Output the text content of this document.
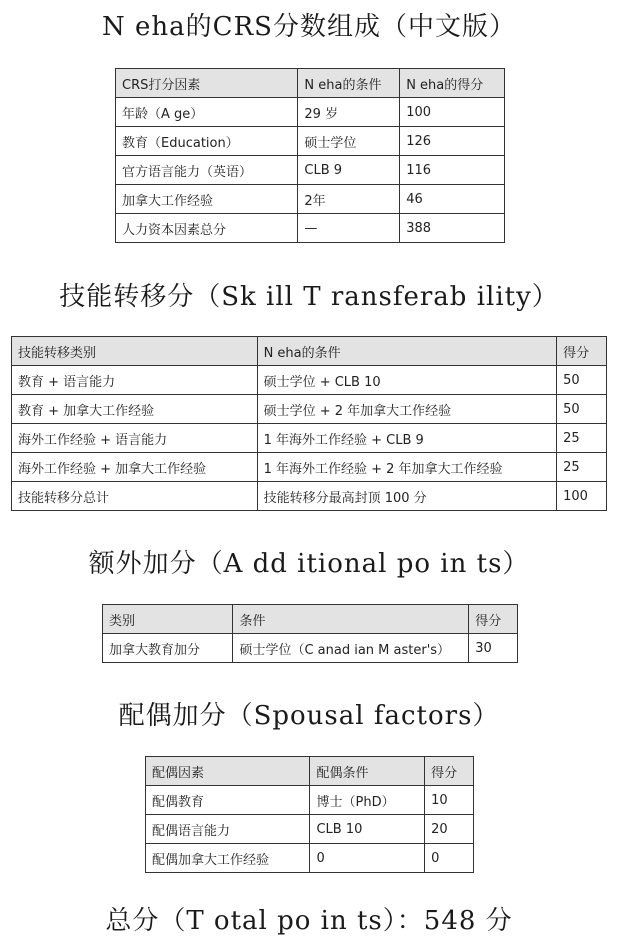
N eha的CRS分数组成（中文版）
CRS打分因素	N eha的条件	N eha的得分
年龄（A ge）	29 岁	100
教育（Education）	硕士学位	126
官方语言能力（英语）	CLB 9	116
加拿大工作经验	2年	46
人力资本因素总分	—	388
技能转移分（Sk ill T ransferab ility）
技能转移类别	N eha的条件	得分
教育 + 语言能力	硕士学位 + CLB 10	50
教育 + 加拿大工作经验	硕士学位 + 2 年加拿大工作经验	50
海外工作经验 + 语言能力	1 年海外工作经验 + CLB 9	25
海外工作经验 + 加拿大工作经验	1 年海外工作经验 + 2 年加拿大工作经验	25
技能转移分总计	技能转移分最高封顶 100 分	100
额外加分（A dd itional po in ts）
类别	条件	得分
加拿大教育加分	硕士学位（C anad ian M aster's）	30
配偶加分（Spousal factors）
配偶因素	配偶条件	得分
配偶教育	博士（PhD）	10
配偶语言能力	CLB 10	20
配偶加拿大工作经验	0	0
总分（T otal po in ts）：548 分
